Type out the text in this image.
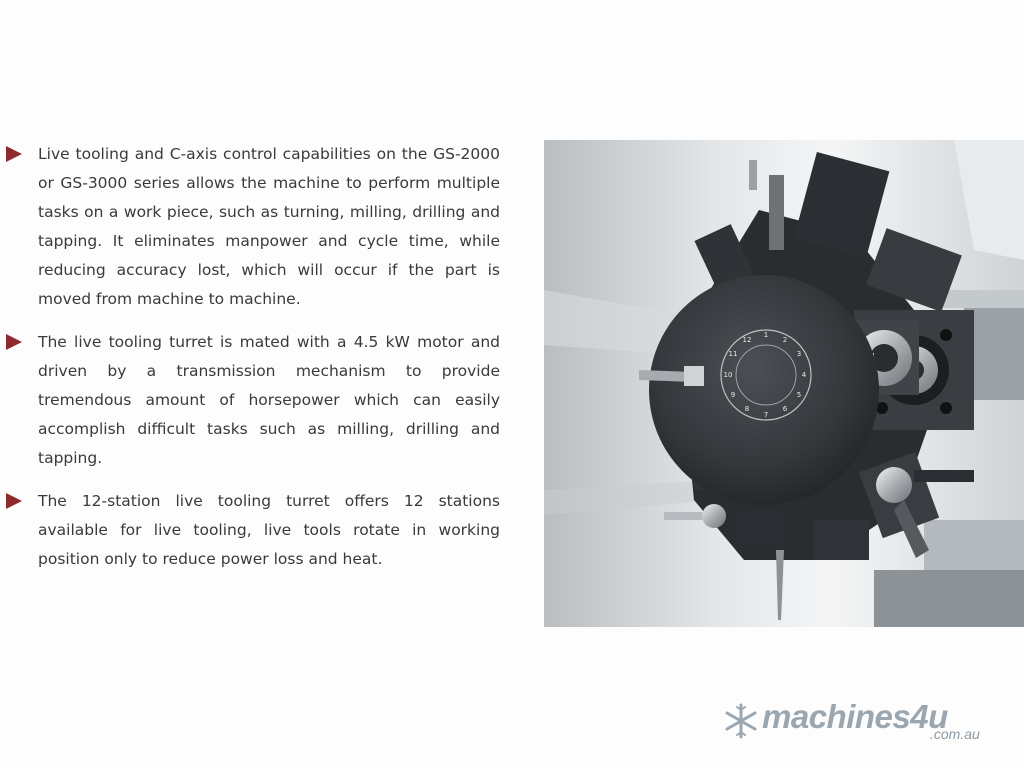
Live tooling and C-axis control capabilities on the GS-2000 or GS-3000 series allows the machine to perform multiple tasks on a work piece, such as turning, milling, drilling and tapping. It eliminates manpower and cycle time, while reducing accuracy lost, which will occur if the part is moved from machine to machine.
The live tooling turret is mated with a 4.5 kW motor and driven by a transmission mechanism to provide tremendous amount of horsepower which can easily accomplish difficult tasks such as milling, drilling and tapping.
The 12-station live tooling turret offers 12 stations available for live tooling, live tools rotate in working position only to reduce power loss and heat.
1
2
3
4
5
6
7
8
9
10
11
12
machines4u
.com.au
